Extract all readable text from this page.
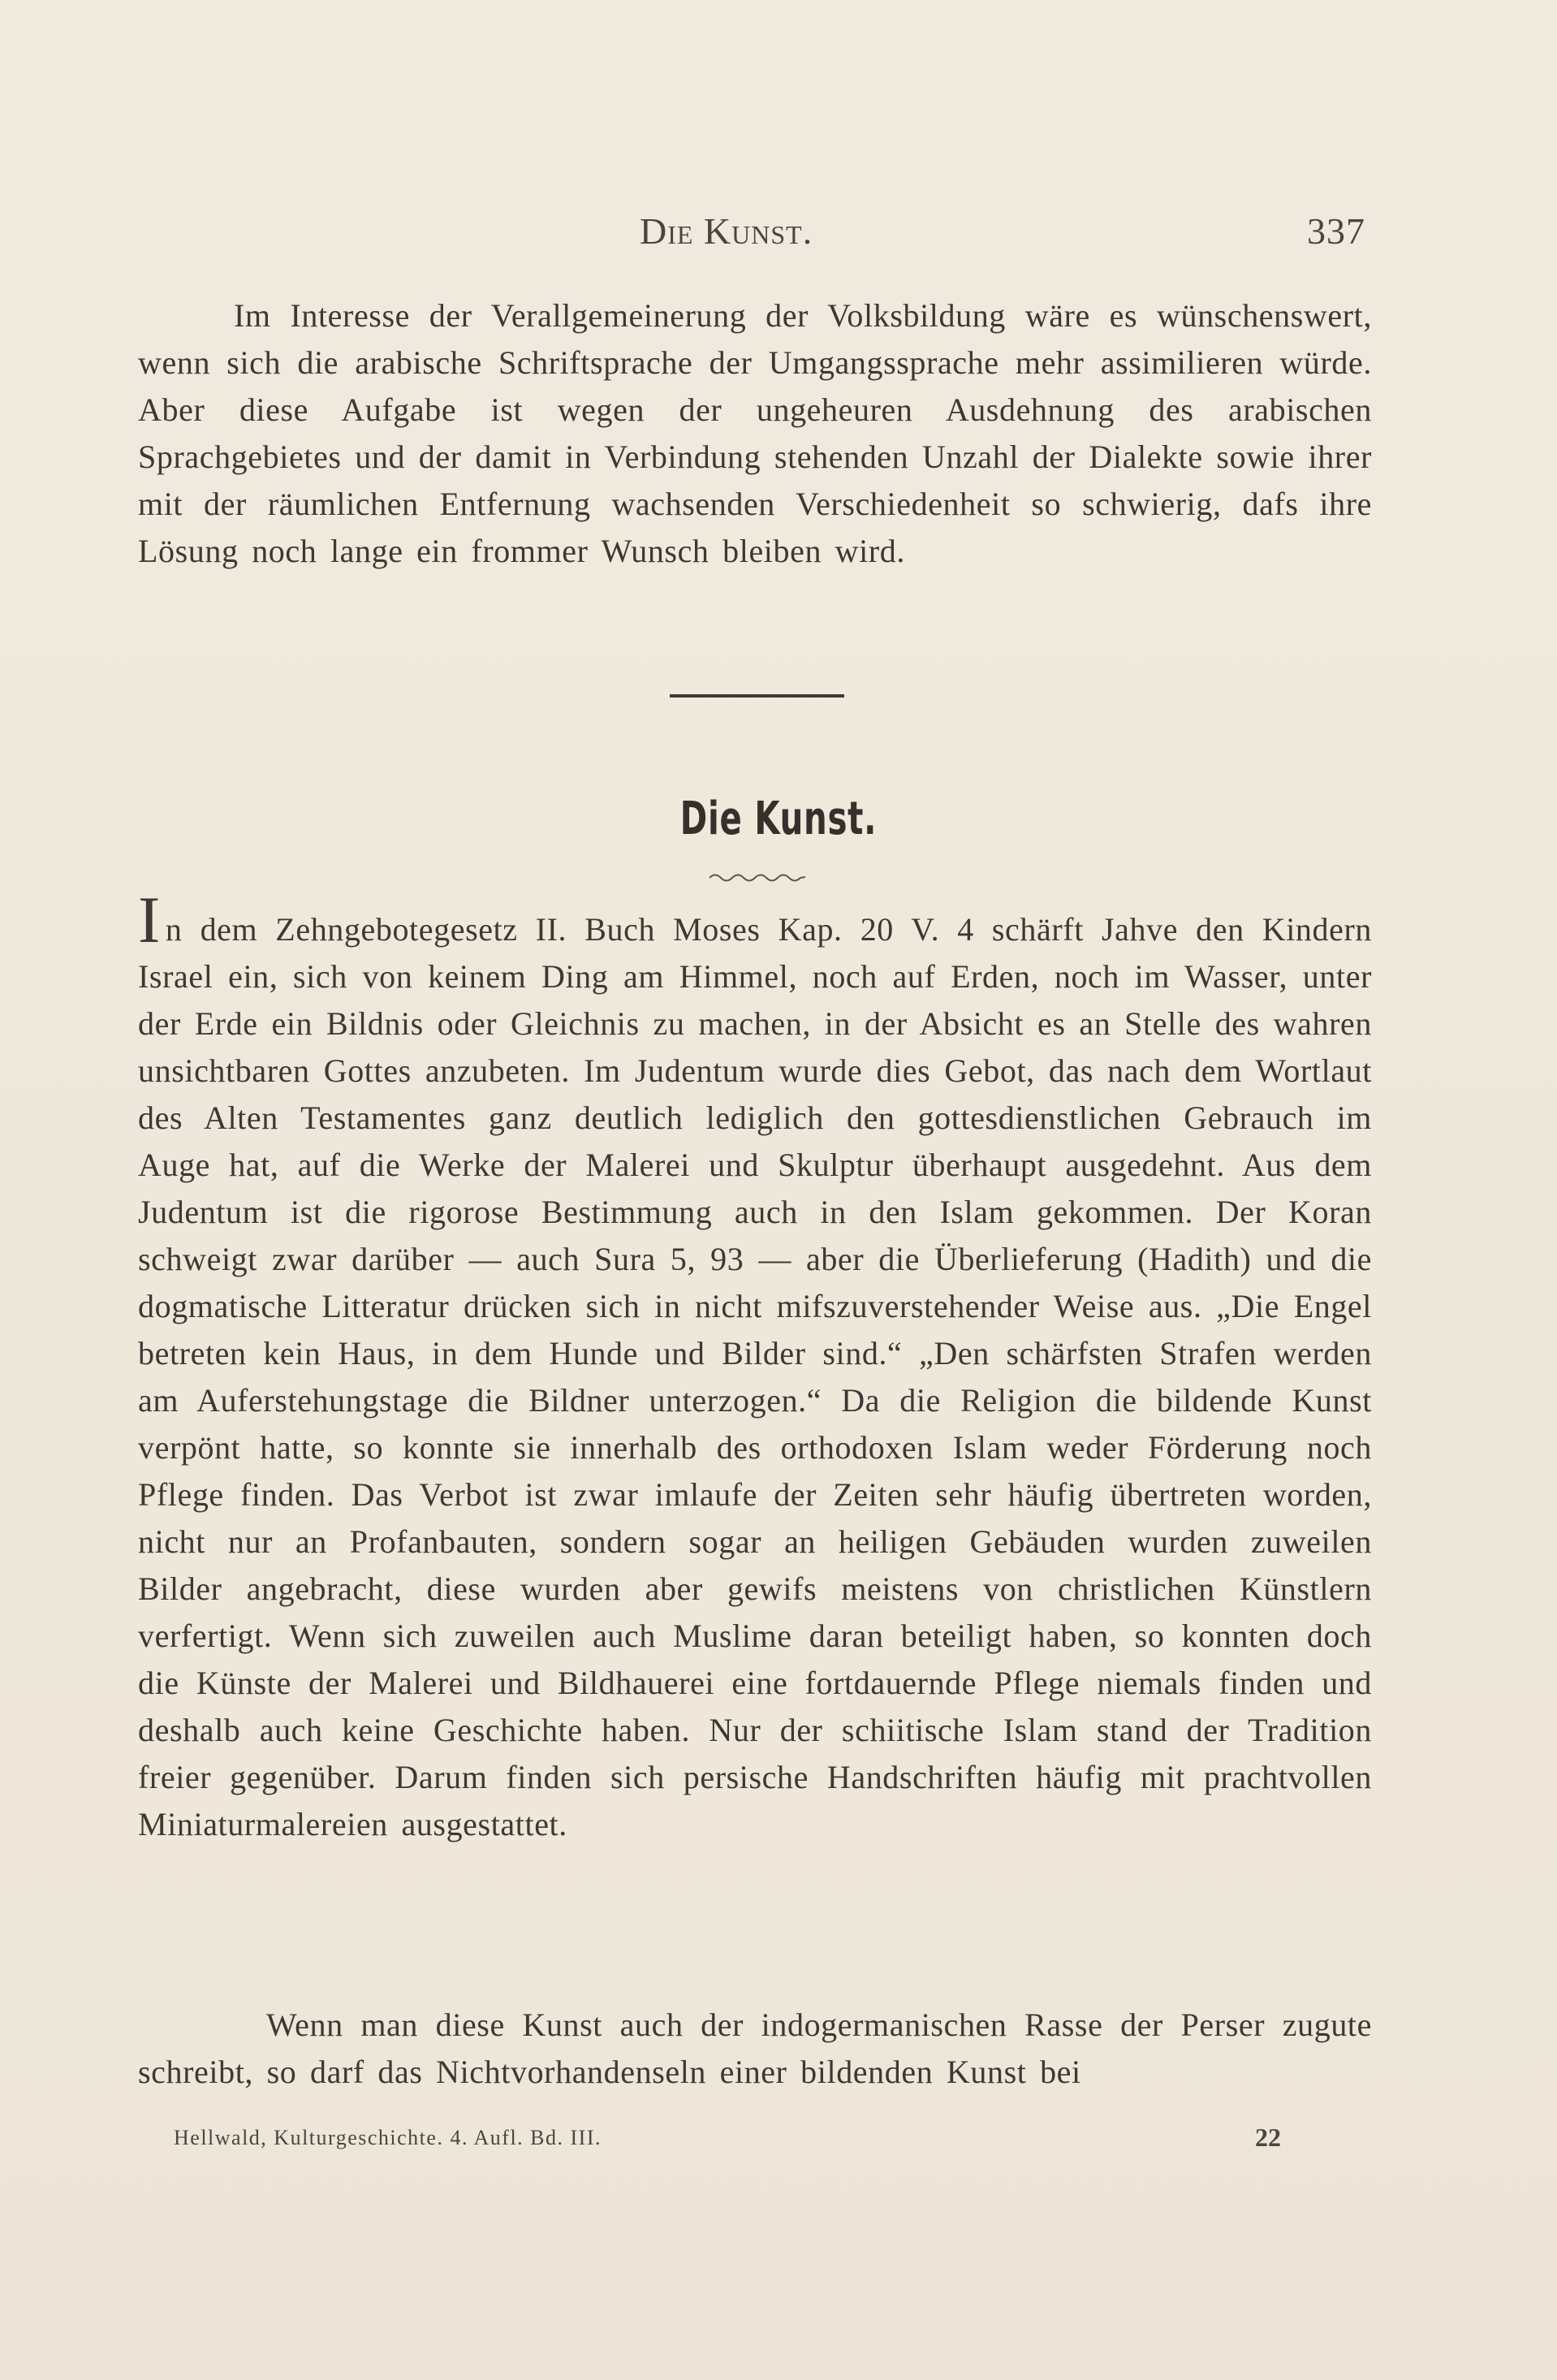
Die Kunst.	337

Im Interesse der Verallgemeinerung der Volksbildung wäre es wünschenswert, wenn sich die arabische Schriftsprache der Umgangssprache mehr assimilieren würde. Aber diese Aufgabe ist wegen der ungeheuren Ausdehnung des arabischen Sprachgebietes und der damit in Verbindung stehenden Unzahl der Dialekte sowie ihrer mit der räumlichen Entfernung wachsenden Verschiedenheit so schwierig, dafs ihre Lösung noch lange ein frommer Wunsch bleiben wird.

Die Kunst.

In dem Zehngebotegesetz II. Buch Moses Kap. 20 V. 4 schärft Jahve den Kindern Israel ein, sich von keinem Ding am Himmel, noch auf Erden, noch im Wasser, unter der Erde ein Bildnis oder Gleichnis zu machen, in der Absicht es an Stelle des wahren unsichtbaren Gottes anzubeten. Im Judentum wurde dies Gebot, das nach dem Wortlaut des Alten Testamentes ganz deutlich lediglich den gottesdienstlichen Gebrauch im Auge hat, auf die Werke der Malerei und Skulptur überhaupt ausgedehnt. Aus dem Judentum ist die rigorose Bestimmung auch in den Islam gekommen. Der Koran schweigt zwar darüber — auch Sura 5, 93 — aber die Überlieferung (Hadith) und die dogmatische Litteratur drücken sich in nicht mifszuverstehender Weise aus. „Die Engel betreten kein Haus, in dem Hunde und Bilder sind.“ „Den schärfsten Strafen werden am Auferstehungstage die Bildner unterzogen.“ Da die Religion die bildende Kunst verpönt hatte, so konnte sie innerhalb des orthodoxen Islam weder Förderung noch Pflege finden. Das Verbot ist zwar imlaufe der Zeiten sehr häufig übertreten worden, nicht nur an Profanbauten, sondern sogar an heiligen Gebäuden wurden zuweilen Bilder angebracht, diese wurden aber gewifs meistens von christlichen Künstlern verfertigt. Wenn sich zuweilen auch Muslime daran beteiligt haben, so konnten doch die Künste der Malerei und Bildhauerei eine fortdauernde Pflege niemals finden und deshalb auch keine Geschichte haben. Nur der schiitische Islam stand der Tradition freier gegenüber. Darum finden sich persische Handschriften häufig mit prachtvollen Miniaturmalereien ausgestattet.

Wenn man diese Kunst auch der indogermanischen Rasse der Perser zugute schreibt, so darf das Nichtvorhandenseln einer bildenden Kunst bei

Hellwald, Kulturgeschichte. 4. Aufl. Bd. III.	22
